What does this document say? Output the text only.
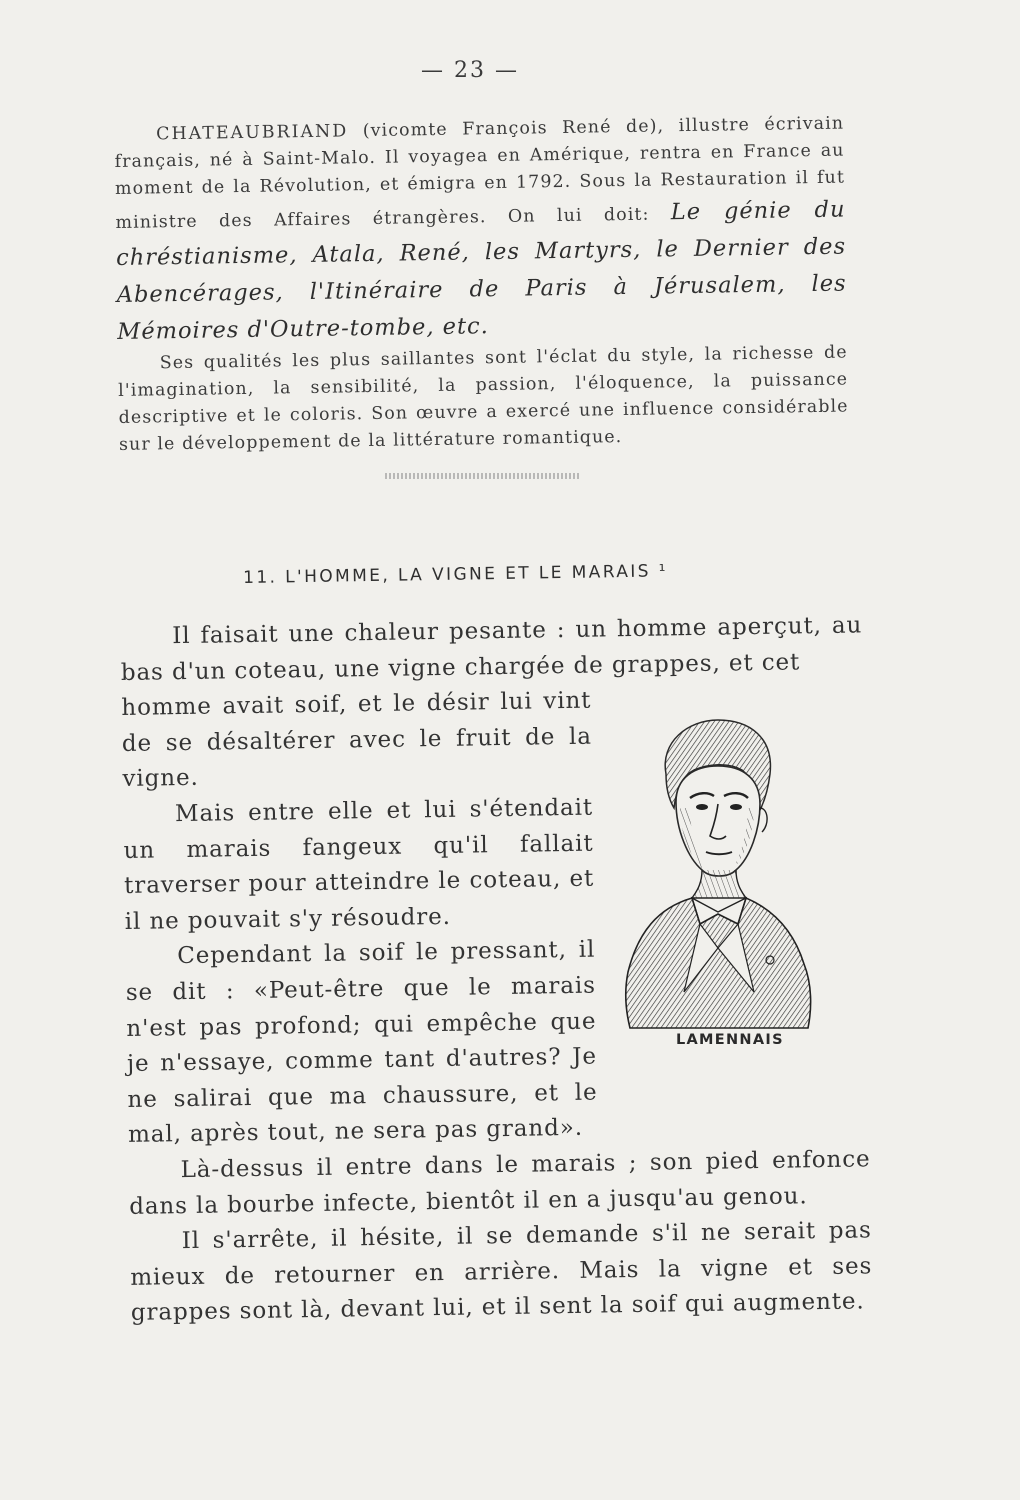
— 23 —

CHATEAUBRIAND (vicomte François René de), illustre écrivain français, né à Saint-Malo. Il voyagea en Amérique, rentra en France au moment de la Révolution, et émigra en 1792. Sous la Restauration il fut ministre des Affaires étrangères. On lui doit: Le génie du chréstianisme, Atala, René, les Martyrs, le Dernier des Abencérages, l'Itinéraire de Paris à Jérusalem, les Mémoires d'Outre-tombe, etc.

Ses qualités les plus saillantes sont l'éclat du style, la richesse de l'imagination, la sensibilité, la passion, l'éloquence, la puissance descriptive et le coloris. Son œuvre a exercé une influence considérable sur le développement de la littérature romantique.

11. L'HOMME, LA VIGNE ET LE MARAIS ¹

Il faisait une chaleur pesante : un homme aperçut, au bas d'un coteau, une vigne chargée de grappes, et cet

homme avait soif, et le désir lui vint de se désaltérer avec le fruit de la vigne.

Mais entre elle et lui s'étendait un marais fangeux qu'il fallait traverser pour atteindre le coteau, et il ne pouvait s'y résoudre.

Cependant la soif le pressant, il se dit : «Peut-être que le marais n'est pas profond; qui empêche que je n'essaye, comme tant d'autres? Je ne salirai que ma chaussure, et le mal, après tout, ne sera pas grand».

Là-dessus il entre dans le marais ; son pied enfonce dans la bourbe infecte, bientôt il en a jusqu'au genou.

Il s'arrête, il hésite, il se demande s'il ne serait pas mieux de retourner en arrière. Mais la vigne et ses grappes sont là, devant lui, et il sent la soif qui augmente.

LAMENNAIS
